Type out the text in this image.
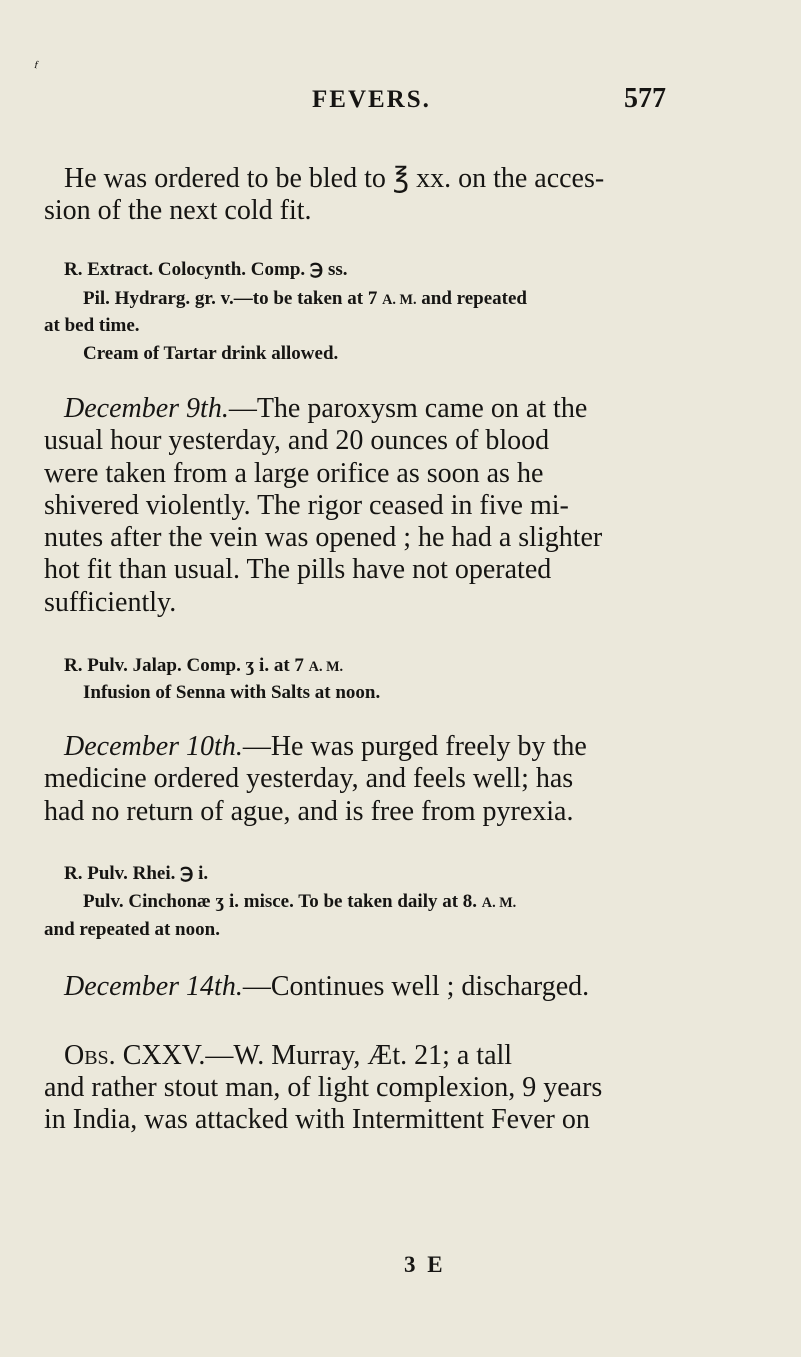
ᶠ
FEVERS.	577
He was ordered to be bled to ℥ xx. on the acces-
sion of the next cold fit.
R. Extract. Colocynth. Comp. ℈ ss.
Pil. Hydrarg. gr. v.—to be taken at 7 A. M. and repeated
at bed time.
Cream of Tartar drink allowed.
December 9th.—The paroxysm came on at the
usual hour yesterday, and 20 ounces of blood
were taken from a large orifice as soon as he
shivered violently. The rigor ceased in five mi-
nutes after the vein was opened ; he had a slighter
hot fit than usual. The pills have not operated
sufficiently.
R. Pulv. Jalap. Comp. ʒ i. at 7 A. M.
Infusion of Senna with Salts at noon.
December 10th.—He was purged freely by the
medicine ordered yesterday, and feels well; has
had no return of ague, and is free from pyrexia.
R. Pulv. Rhei. ℈ i.
Pulv. Cinchonæ ʒ i. misce. To be taken daily at 8. A. M.
and repeated at noon.
December 14th.—Continues well ; discharged.
Obs. CXXV.—W. Murray, Æt. 21; a tall
and rather stout man, of light complexion, 9 years
in India, was attacked with Intermittent Fever on
3 E
